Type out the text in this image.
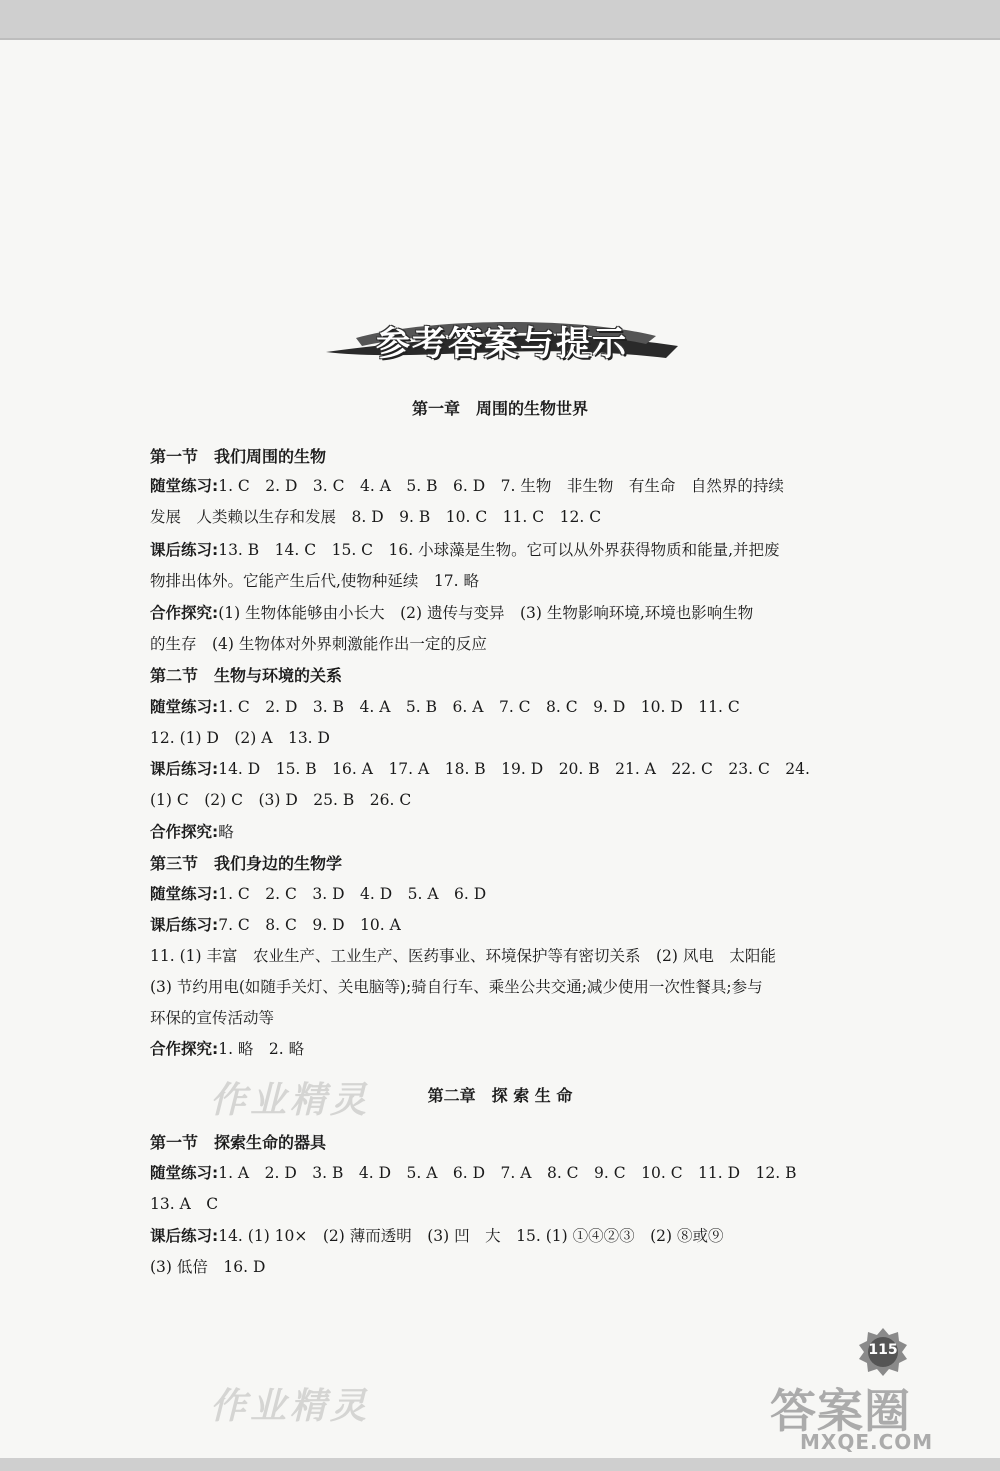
参考答案与提示
第一章　周围的生物世界
第一节　我们周围的生物
随堂练习:1. C　2. D　3. C　4. A　5. B　6. D　7. 生物　非生物　有生命　自然界的持续
发展　人类赖以生存和发展　8. D　9. B　10. C　11. C　12. C
课后练习:13. B　14. C　15. C　16. 小球藻是生物。它可以从外界获得物质和能量,并把废
物排出体外。它能产生后代,使物种延续　17. 略
合作探究:(1) 生物体能够由小长大　(2) 遗传与变异　(3) 生物影响环境,环境也影响生物
的生存　(4) 生物体对外界刺激能作出一定的反应
第二节　生物与环境的关系
随堂练习:1. C　2. D　3. B　4. A　5. B　6. A　7. C　8. C　9. D　10. D　11. C
12. (1) D　(2) A　13. D
课后练习:14. D　15. B　16. A　17. A　18. B　19. D　20. B　21. A　22. C　23. C　24.
(1) C　(2) C　(3) D　25. B　26. C
合作探究:略
第三节　我们身边的生物学
随堂练习:1. C　2. C　3. D　4. D　5. A　6. D
课后练习:7. C　8. C　9. D　10. A
11. (1) 丰富　农业生产、工业生产、医药事业、环境保护等有密切关系　(2) 风电　太阳能
(3) 节约用电(如随手关灯、关电脑等);骑自行车、乘坐公共交通;减少使用一次性餐具;参与
环保的宣传活动等
合作探究:1. 略　2. 略
第二章　探 索 生 命
第一节　探索生命的器具
随堂练习:1. A　2. D　3. B　4. D　5. A　6. D　7. A　8. C　9. C　10. C　11. D　12. B
13. A　C
课后练习:14. (1) 10×　(2) 薄而透明　(3) 凹　大　15. (1) ①④②③　(2) ⑧或⑨
(3) 低倍　16. D
作业精灵
作业精灵
115
答案圈
MXQE.COM
